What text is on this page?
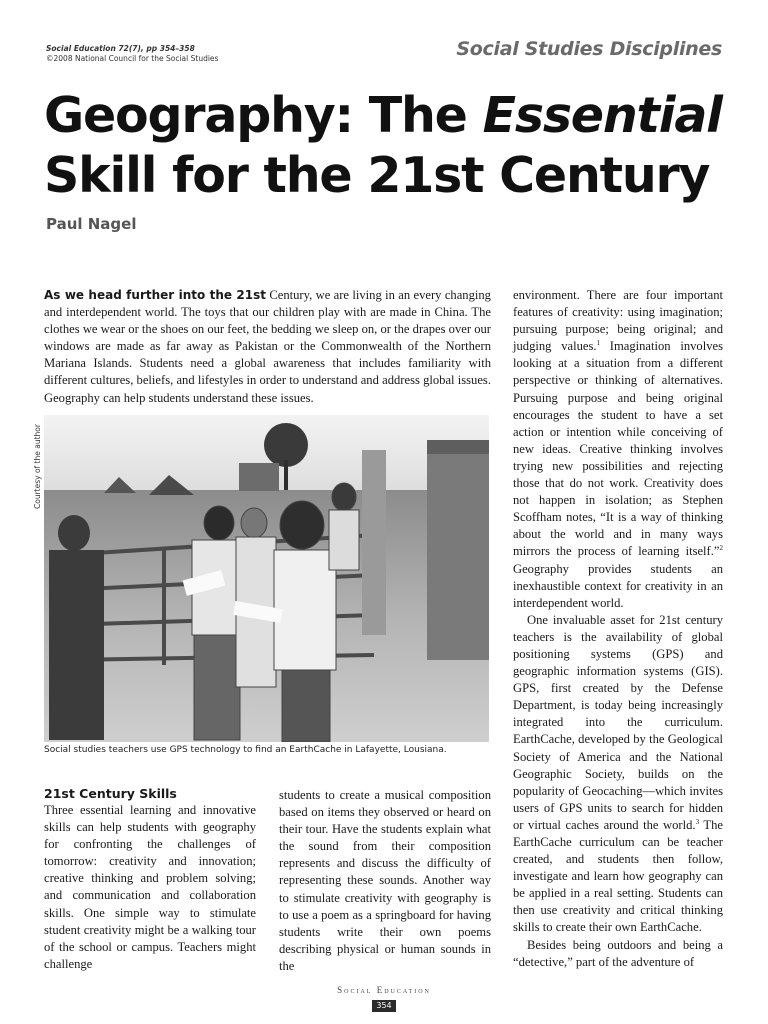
Social Education 72(7), pp 354–358
©2008 National Council for the Social Studies	Social Studies Disciplines
Geography: The Essential
Skill for the 21st Century
Paul Nagel
As we head further into the 21st Century, we are living in an every changing and interdependent world. The toys that our children play with are made in China. The clothes we wear or the shoes on our feet, the bedding we sleep on, or the drapes over our windows are made as far away as Pakistan or the Commonwealth of the Northern Mariana Islands. Students need a global awareness that includes familiarity with different cultures, beliefs, and lifestyles in order to understand and address global issues. Geography can help students understand these issues.
Courtesy of the author
Social studies teachers use GPS technology to find an EarthCache in Lafayette, Lousiana.
21st Century Skills

Three essential learning and innovative skills can help students with geography for confronting the challenges of tomorrow: creativity and innovation; creative thinking and problem solving; and communication and collaboration skills. One simple way to stimulate student creativity might be a walking tour of the school or campus. Teachers might challenge

students to create a musical composition based on items they observed or heard on their tour. Have the students explain what the sound from their composition represents and discuss the difficulty of representing these sounds. Another way to stimulate creativity with geography is to use a poem as a springboard for having students write their own poems describing physical or human sounds in the

environment. There are four important features of creativity: using imagination; pursuing purpose; being original; and judging values.$^1$ Imagination involves looking at a situation from a different perspective or thinking of alternatives. Pursuing purpose and being original encourages the student to have a set action or intention while conceiving of new ideas. Creative thinking involves trying new possibilities and rejecting those that do not work. Creativity does not happen in isolation; as Stephen Scoffham notes, “It is a way of thinking about the world and in many ways mirrors the process of learning itself.”$^2$ Geography provides students an inexhaustible context for creativity in an interdependent world.

One invaluable asset for 21st century teachers is the availability of global positioning systems (GPS) and geographic information systems (GIS). GPS, first created by the Defense Department, is today being increasingly integrated into the curriculum. EarthCache, developed by the Geological Society of America and the National Geographic Society, builds on the popularity of Geocaching—which invites users of GPS units to search for hidden or virtual caches around the world.$^3$ The EarthCache curriculum can be teacher created, and students then follow, investigate and learn how geography can be applied in a real setting. Students can then use creativity and critical thinking skills to create their own EarthCache.

Besides being outdoors and being a “detective,” part of the adventure of

Social Education
354
